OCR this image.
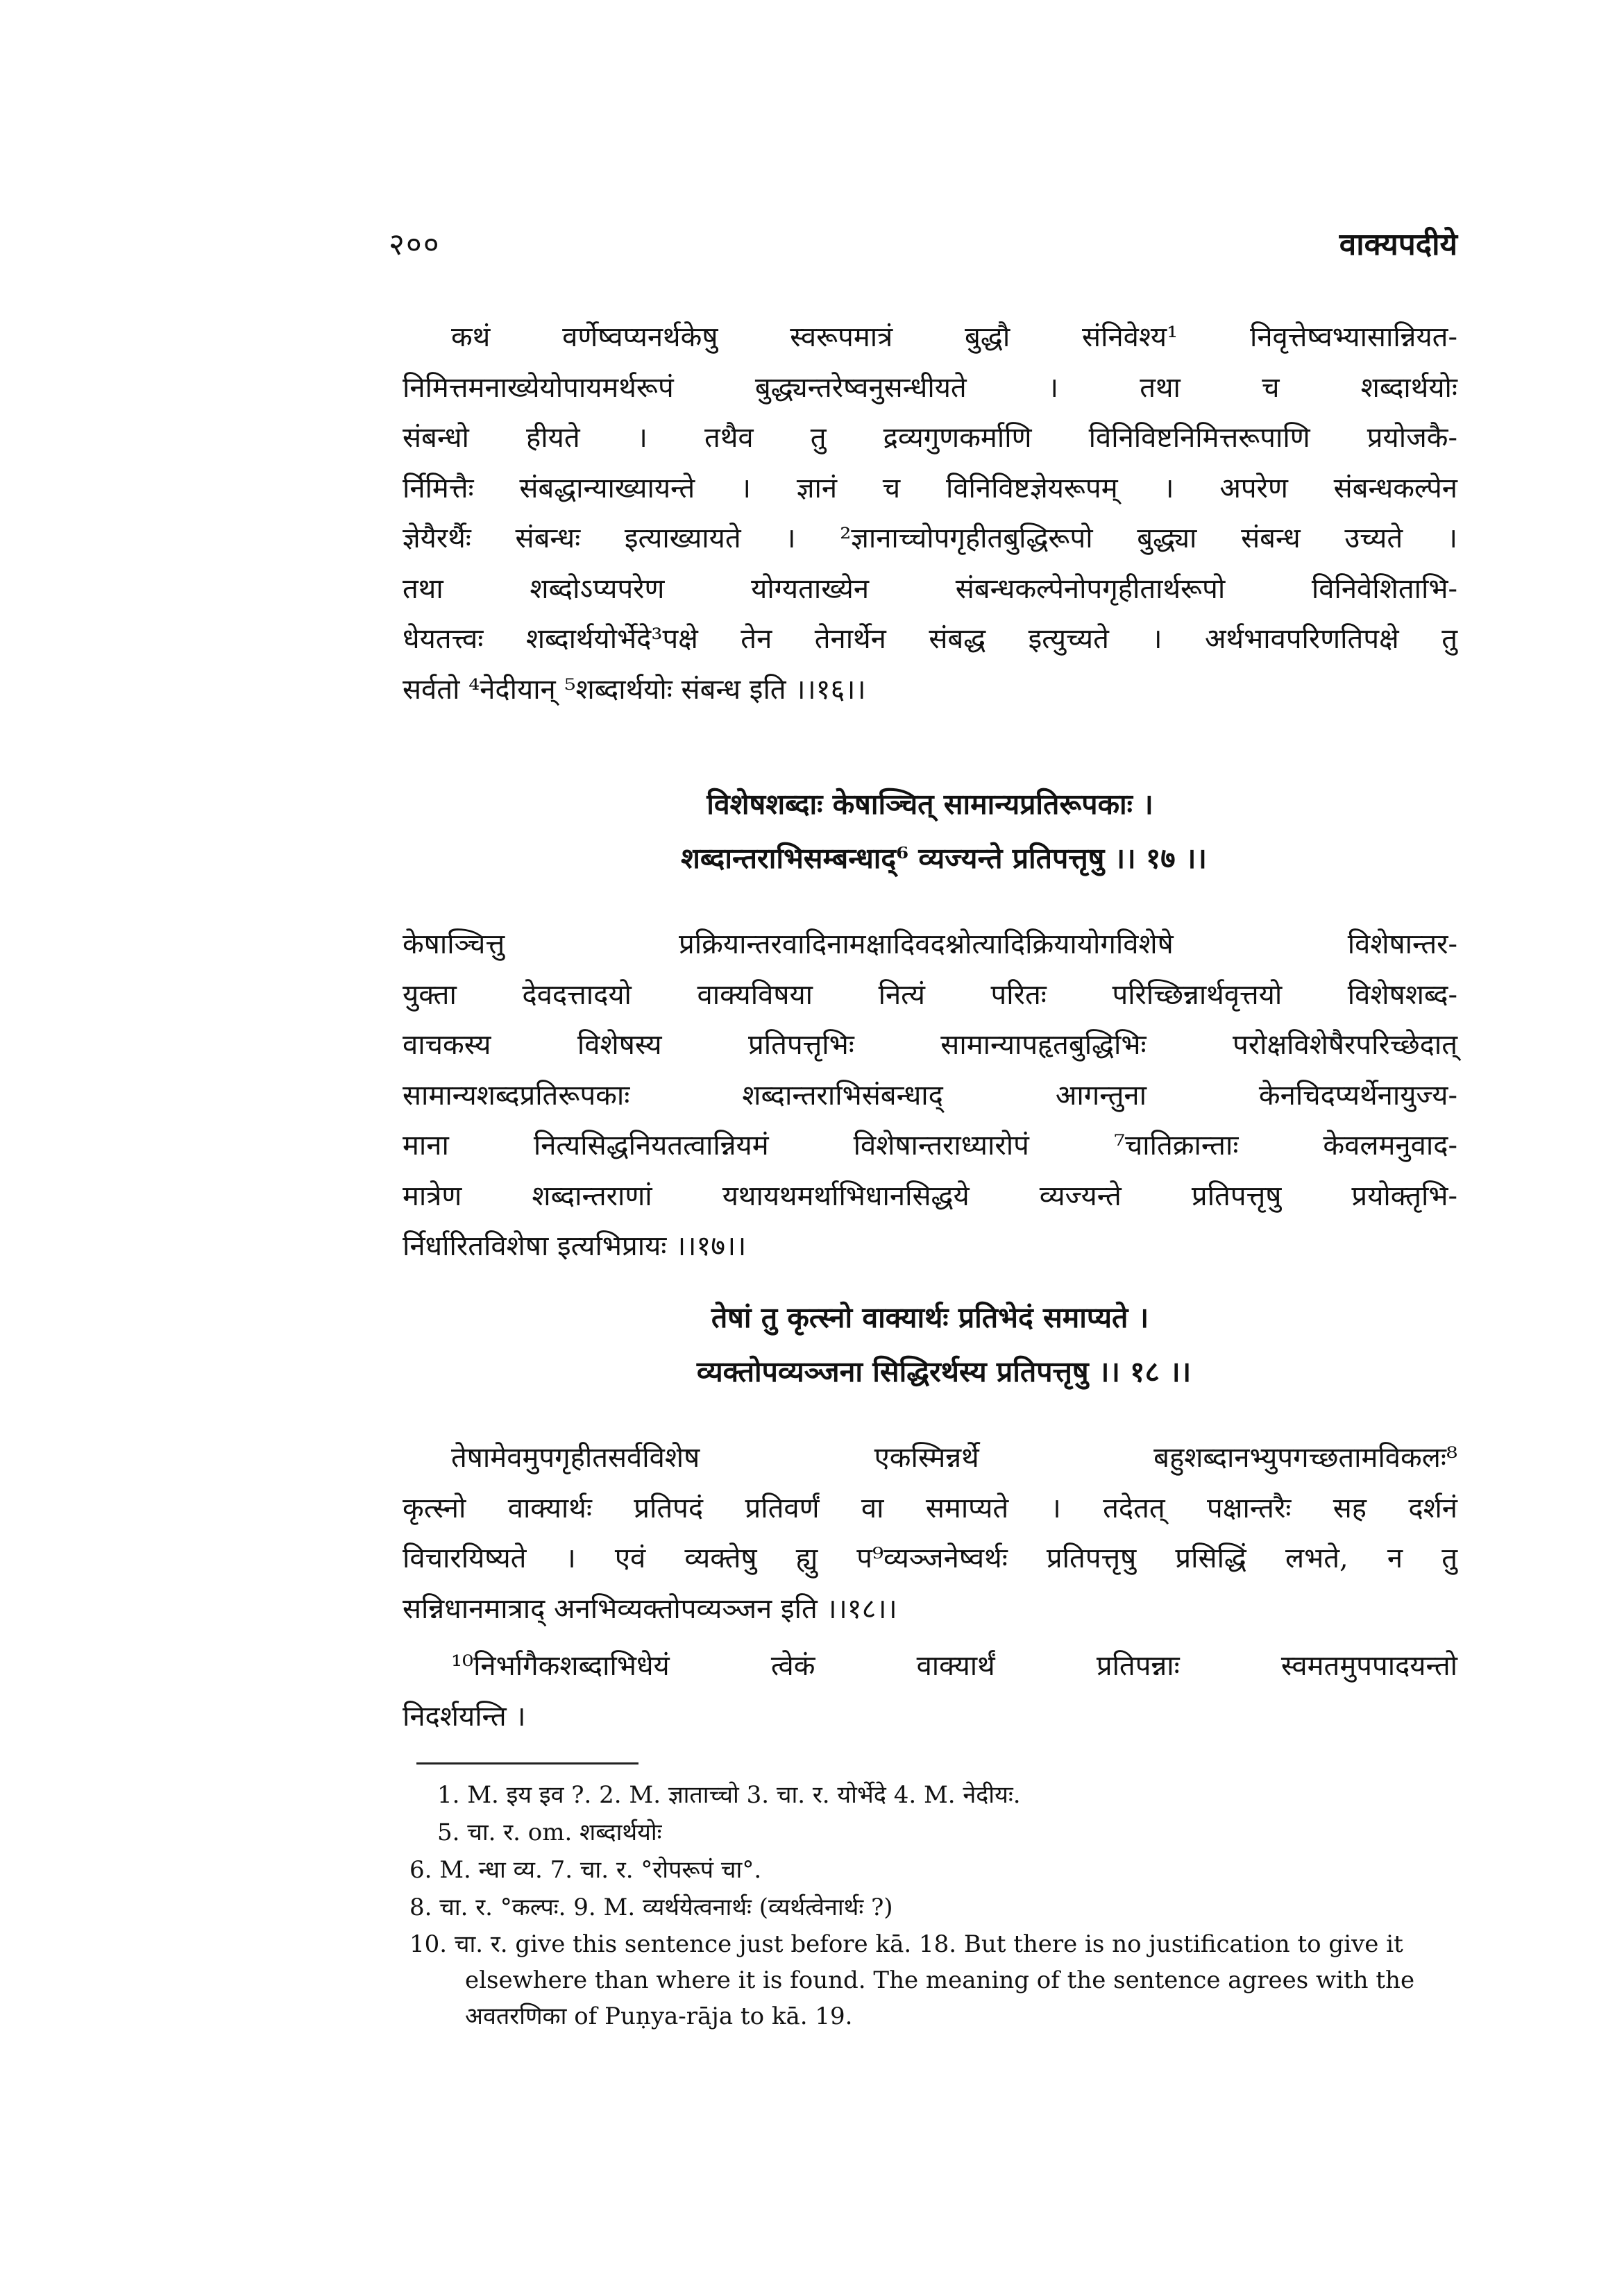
२००	वाक्यपदीये

कथं वर्णेष्वप्यनर्थकेषु स्वरूपमात्रं बुद्धौ संनिवेश्य¹ निवृत्तेष्वभ्यासान्नियत-
निमित्तमनाख्येयोपायमर्थरूपं बुद्ध्यन्तरेष्वनुसन्धीयते । तथा च शब्दार्थयोः
संबन्धो हीयते । तथैव तु द्रव्यगुणकर्माणि विनिविष्टनिमित्तरूपाणि प्रयोजकै-
र्निमित्तैः संबद्धान्याख्यायन्ते । ज्ञानं च विनिविष्टज्ञेयरूपम् । अपरेण संबन्धकल्पेन
ज्ञेयैरर्थैः संबन्धः इत्याख्यायते । ²ज्ञानाच्चोपगृहीतबुद्धिरूपो बुद्ध्या संबन्ध उच्यते ।
तथा शब्दोऽप्यपरेण योग्यताख्येन संबन्धकल्पेनोपगृहीतार्थरूपो विनिवेशिताभि-
धेयतत्त्वः शब्दार्थयोर्भेदे³पक्षे तेन तेनार्थेन संबद्ध इत्युच्यते । अर्थभावपरिणतिपक्षे तु
सर्वतो ⁴नेदीयान् ⁵शब्दार्थयोः संबन्ध इति ।।१६।।

विशेषशब्दाः केषाञ्चित् सामान्यप्रतिरूपकाः ।
शब्दान्तराभिसम्बन्धाद्⁶ व्यज्यन्ते प्रतिपत्तृषु ।। १७ ।।

केषाञ्चित्तु प्रक्रियान्तरवादिनामक्षादिवदश्नोत्यादिक्रियायोगविशेषे विशेषान्तर-
युक्ता देवदत्तादयो वाक्यविषया नित्यं परितः परिच्छिन्नार्थवृत्तयो विशेषशब्द-
वाचकस्य विशेषस्य प्रतिपत्तृभिः सामान्यापहृतबुद्धिभिः परोक्षविशेषैरपरिच्छेदात्
सामान्यशब्दप्रतिरूपकाः शब्दान्तराभिसंबन्धाद् आगन्तुना केनचिदप्यर्थेनायुज्य-
माना नित्यसिद्धनियतत्वान्नियमं विशेषान्तराध्यारोपं ⁷चातिक्रान्ताः केवलमनुवाद-
मात्रेण शब्दान्तराणां यथायथमर्थाभिधानसिद्धये व्यज्यन्ते प्रतिपत्तृषु प्रयोक्तृभि-
र्निर्धारितविशेषा इत्यभिप्रायः ।।१७।।

तेषां तु कृत्स्नो वाक्यार्थः प्रतिभेदं समाप्यते ।
व्यक्तोपव्यञ्जना सिद्धिरर्थस्य प्रतिपत्तृषु ।। १८ ।।

तेषामेवमुपगृहीतसर्वविशेष एकस्मिन्नर्थे बहुशब्दानभ्युपगच्छतामविकलः⁸
कृत्स्नो वाक्यार्थः प्रतिपदं प्रतिवर्णं वा समाप्यते । तदेतत् पक्षान्तरैः सह दर्शनं
विचारयिष्यते । एवं व्यक्तेषु ह्यु प⁹व्यञ्जनेष्वर्थः प्रतिपत्तृषु प्रसिद्धिं लभते, न तु
सन्निधानमात्राद् अनभिव्यक्तोपव्यञ्जन इति ।।१८।।

¹⁰निर्भागैकशब्दाभिधेयं त्वेकं वाक्यार्थं प्रतिपन्नाः स्वमतमुपपादयन्तो
निदर्शयन्ति ।

1. M. इय इव ?. 2. M. ज्ञाताच्चो 3. चा. र. योर्भेदे 4. M. नेदीयः.
5. चा. र. om. शब्दार्थयोः
6. M. न्धा व्य. 7. चा. र. °रोपरूपं चा°.
8. चा. र. °कल्पः. 9. M. व्यर्थयेत्वनार्थः (व्यर्थत्वेनार्थः ?)
10. चा. र. give this sentence just before kā. 18. But there is no justification to give it elsewhere than where it is found. The meaning of the sentence agrees with the अवतरणिका of Puṇya-rāja to kā. 19.
